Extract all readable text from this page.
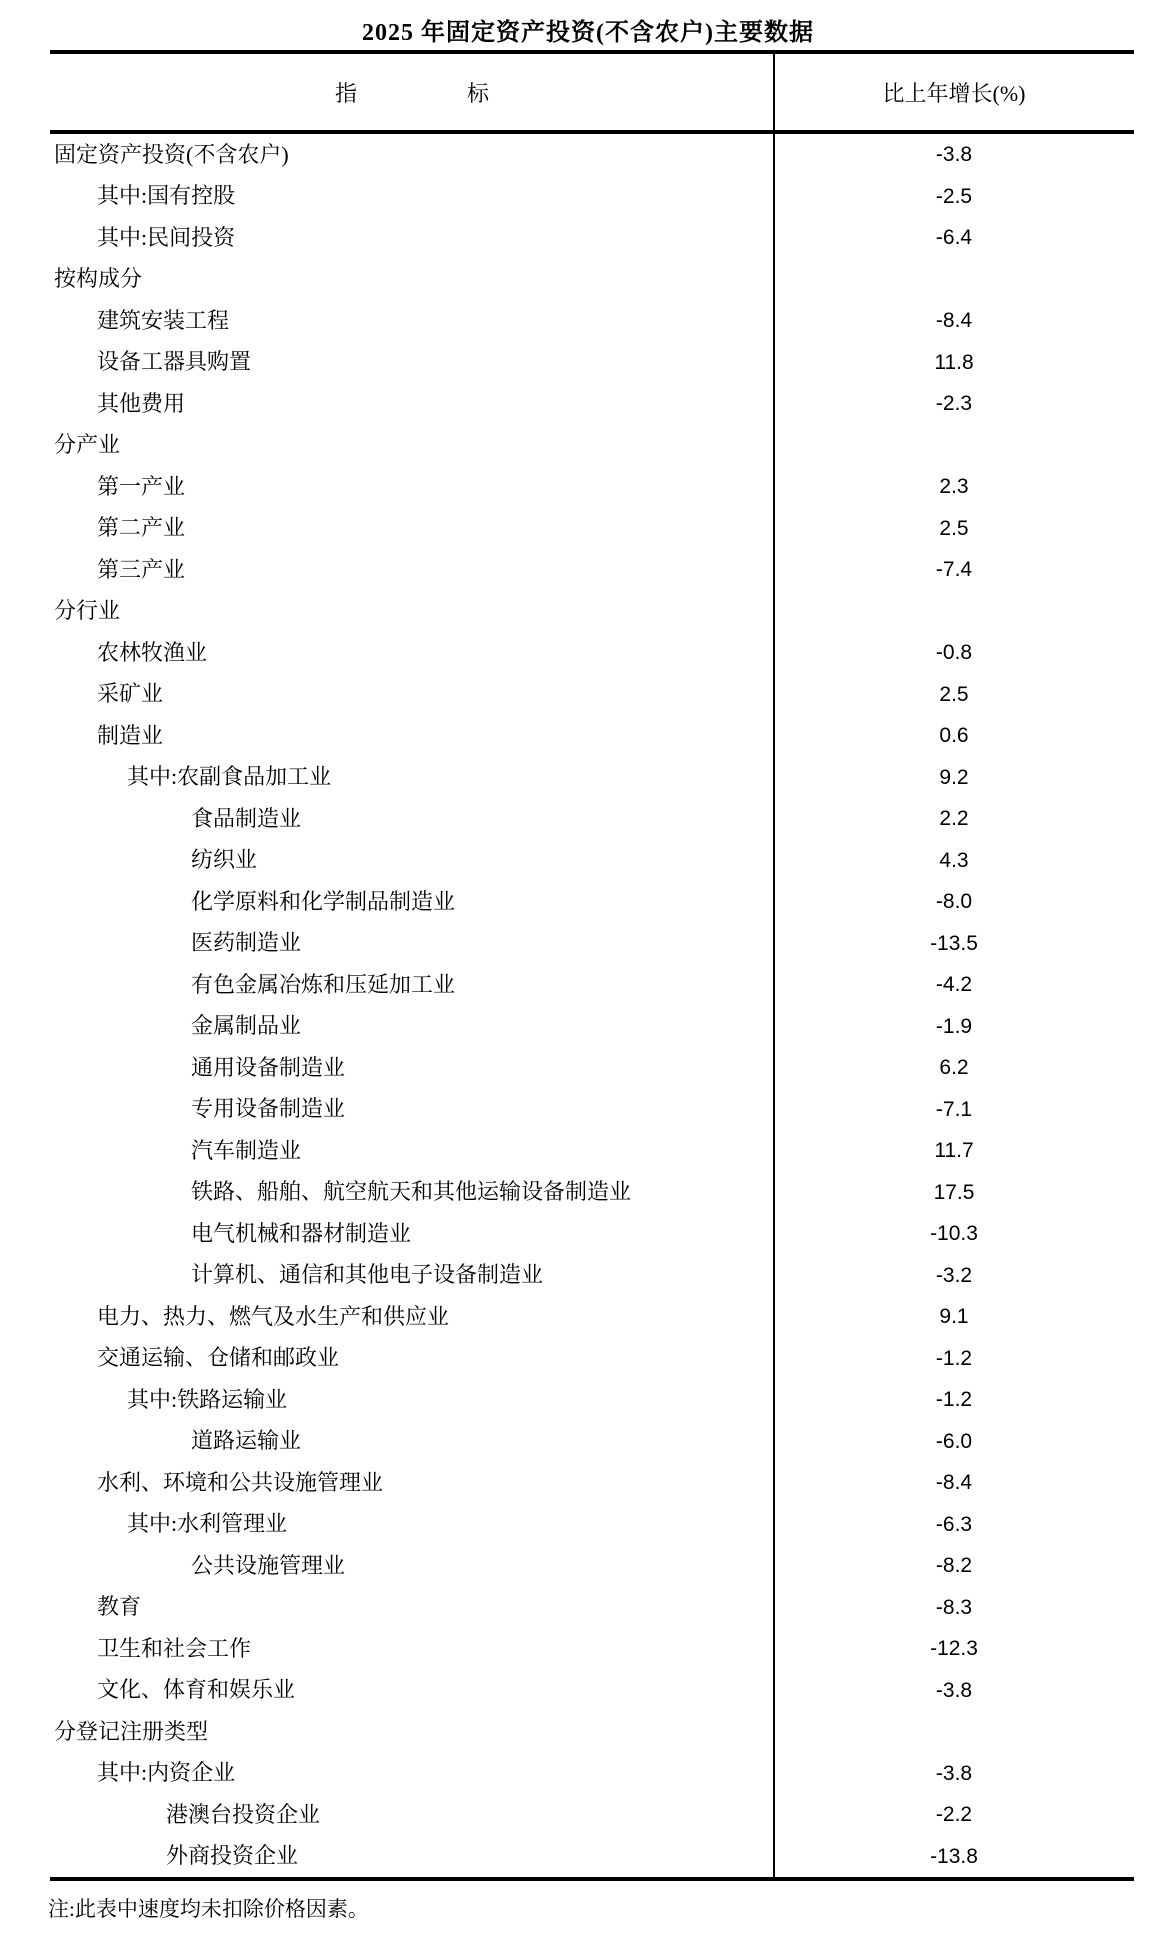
2025 年固定资产投资(不含农户)主要数据
指　　　　　标	比上年增长(%)
固定资产投资(不含农户)	-3.8
其中:国有控股	-2.5
其中:民间投资	-6.4
按构成分
建筑安装工程	-8.4
设备工器具购置	11.8
其他费用	-2.3
分产业
第一产业	2.3
第二产业	2.5
第三产业	-7.4
分行业
农林牧渔业	-0.8
采矿业	2.5
制造业	0.6
其中:农副食品加工业	9.2
食品制造业	2.2
纺织业	4.3
化学原料和化学制品制造业	-8.0
医药制造业	-13.5
有色金属冶炼和压延加工业	-4.2
金属制品业	-1.9
通用设备制造业	6.2
专用设备制造业	-7.1
汽车制造业	11.7
铁路、船舶、航空航天和其他运输设备制造业	17.5
电气机械和器材制造业	-10.3
计算机、通信和其他电子设备制造业	-3.2
电力、热力、燃气及水生产和供应业	9.1
交通运输、仓储和邮政业	-1.2
其中:铁路运输业	-1.2
道路运输业	-6.0
水利、环境和公共设施管理业	-8.4
其中:水利管理业	-6.3
公共设施管理业	-8.2
教育	-8.3
卫生和社会工作	-12.3
文化、体育和娱乐业	-3.8
分登记注册类型
其中:内资企业	-3.8
港澳台投资企业	-2.2
外商投资企业	-13.8
注:此表中速度均未扣除价格因素。
